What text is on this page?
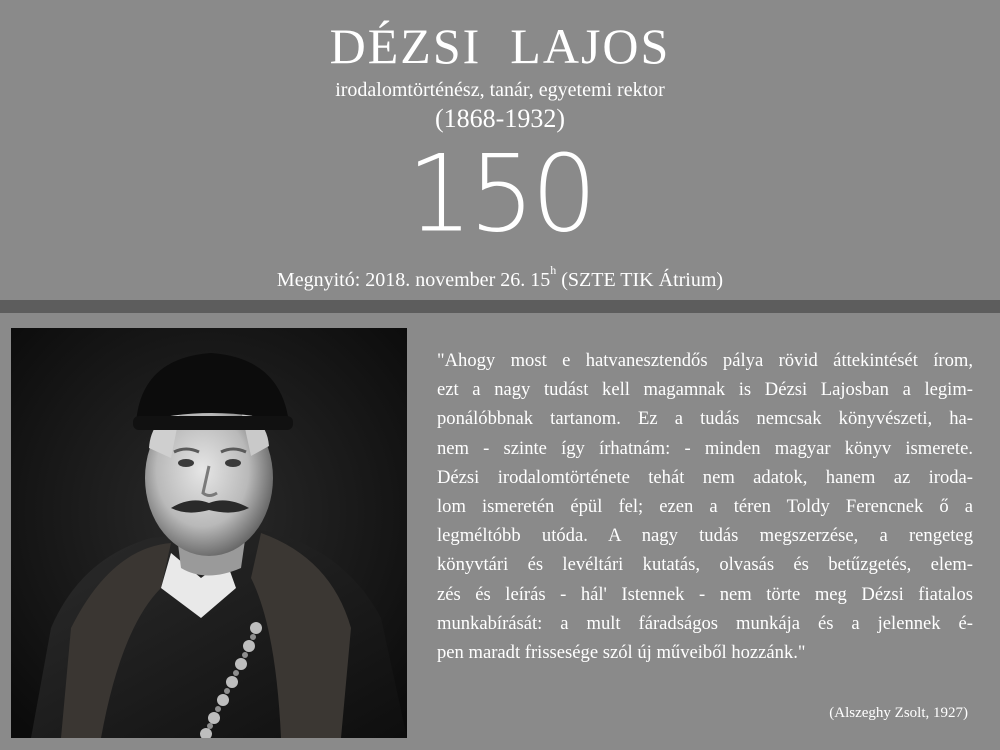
DÉZSI  LAJOS
irodalomtörténész, tanár, egyetemi rektor
(1868-1932)
150
Megnyitó: 2018. november 26. 15$^h$ (SZTE TIK Átrium)
"Ahogy most e hatvanesztendős pálya rövid áttekintését írom,
ezt a nagy tudást kell magamnak is Dézsi Lajosban a legim-
ponálóbbnak tartanom. Ez a tudás nemcsak könyvészeti, ha-
nem - szinte így írhatnám: - minden magyar könyv ismerete.
Dézsi irodalomtörténete tehát nem adatok, hanem az iroda-
lom ismeretén épül fel; ezen a téren Toldy Ferencnek ő a
legméltóbb utóda. A nagy tudás megszerzése, a rengeteg
könyvtári és levéltári kutatás, olvasás és betűzgetés, elem-
zés és leírás - hál' Istennek - nem törte meg Dézsi fiatalos
munkabírását: a mult fáradságos munkája és a jelennek é-
pen maradt frissesége szól új műveiből hozzánk."
(Alszeghy Zsolt, 1927)
